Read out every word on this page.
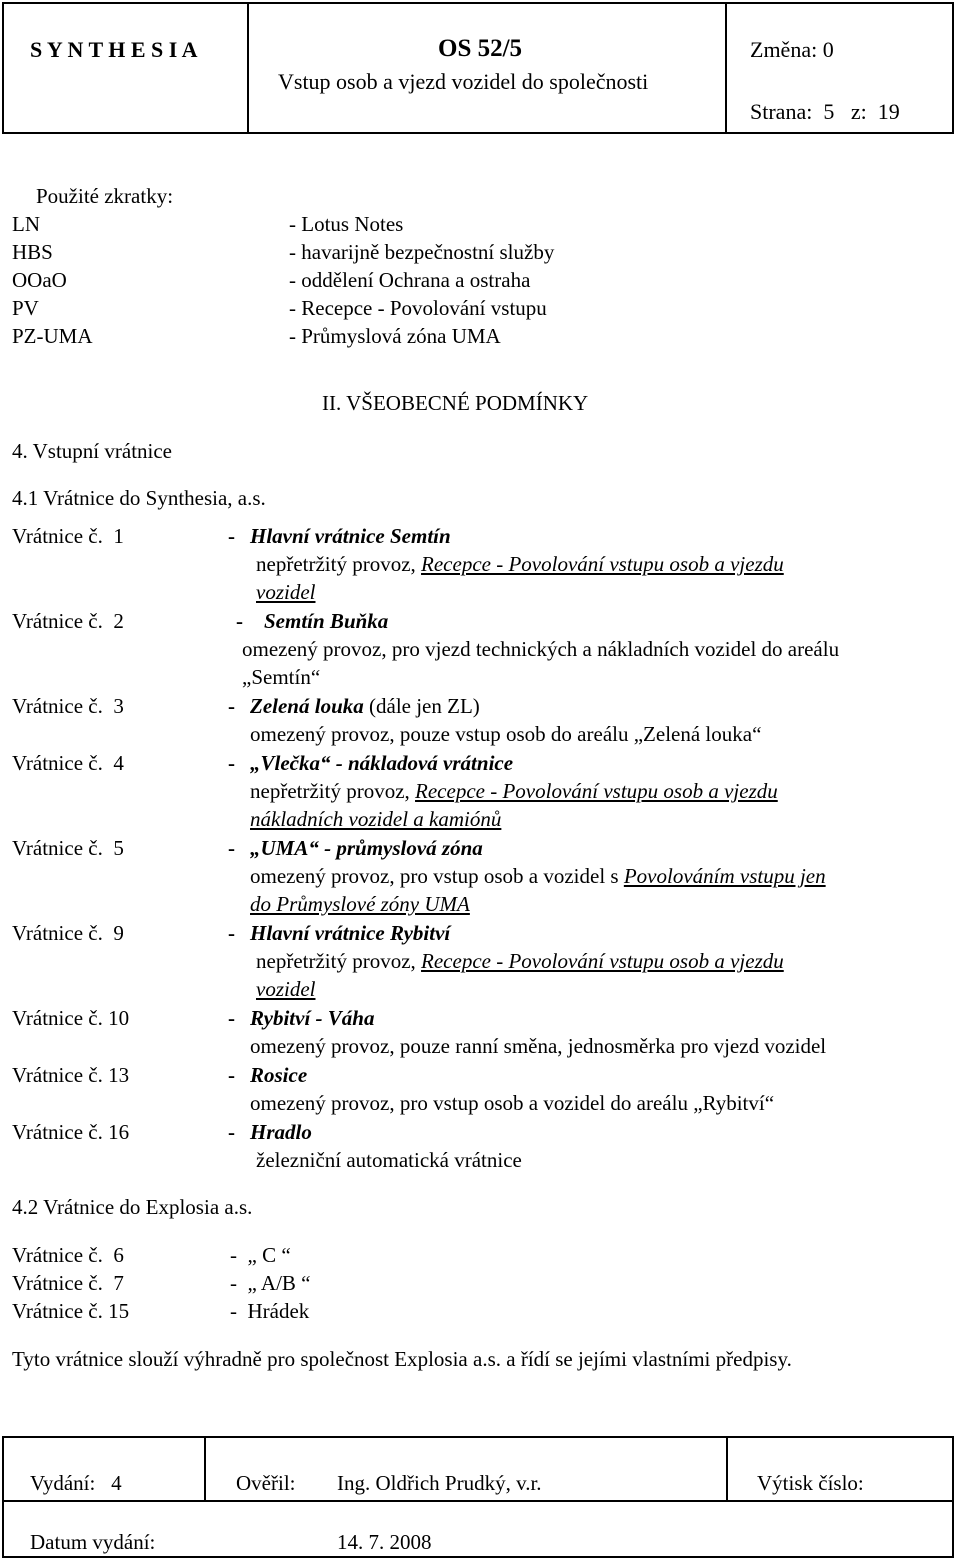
S Y N T H E S I A	OS 52/5
Vstup osob a vjezd vozidel do společnosti
Změna: 0
Strana: 5 z: 19
Použité zkratky:
LN	- Lotus Notes
HBS	- havarijně bezpečnostní služby
OOaO	- oddělení Ochrana a ostraha
PV	- Recepce - Povolování vstupu
PZ-UMA	- Průmyslová zóna UMA
II. VŠEOBECNÉ PODMÍNKY
4. Vstupní vrátnice
4.1 Vrátnice do Synthesia, a.s.
Vrátnice č.  1	- Hlavní vrátnice Semtín
nepřetržitý provoz, Recepce - Povolování vstupu osob a vjezdu
vozidel
Vrátnice č.  2	- Semtín Buňka
omezený provoz, pro vjezd technických a nákladních vozidel do areálu
„Semtín“
Vrátnice č.  3	- Zelená louka (dále jen ZL)
omezený provoz, pouze vstup osob do areálu „Zelená louka“
Vrátnice č.  4	- „Vlečka“ - nákladová vrátnice
nepřetržitý provoz, Recepce - Povolování vstupu osob a vjezdu
nákladních vozidel a kamiónů
Vrátnice č.  5	- „UMA“ - průmyslová zóna
omezený provoz, pro vstup osob a vozidel s Povolováním vstupu jen
do Průmyslové zóny UMA
Vrátnice č.  9	- Hlavní vrátnice Rybitví
nepřetržitý provoz, Recepce - Povolování vstupu osob a vjezdu
vozidel
Vrátnice č. 10	- Rybitví - Váha
omezený provoz, pouze ranní směna, jednosměrka pro vjezd vozidel
Vrátnice č. 13	- Rosice
omezený provoz, pro vstup osob a vozidel do areálu „Rybitví“
Vrátnice č. 16	- Hradlo
železniční automatická vrátnice
4.2 Vrátnice do Explosia a.s.
Vrátnice č.  6	-  „ C “
Vrátnice č.  7	-  „ A/B “
Vrátnice č. 15	-  Hrádek
Tyto vrátnice slouží výhradně pro společnost Explosia a.s. a řídí se jejími vlastními předpisy.
Vydání: 4	Ověřil: Ing. Oldřich Prudký, v.r.	Výtisk číslo:
Datum vydání:	14. 7. 2008
